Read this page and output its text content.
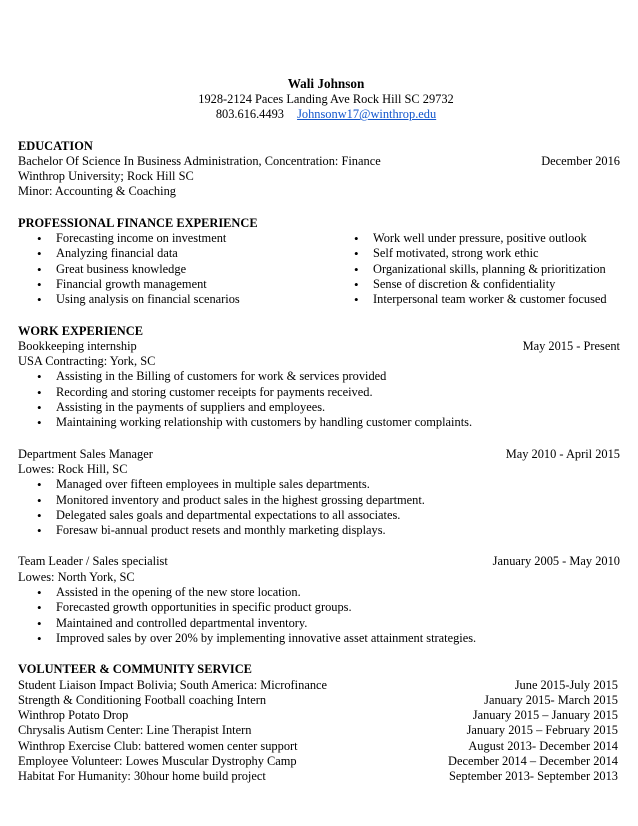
Wali Johnson
1928-2124 Paces Landing Ave Rock Hill SC 29732
803.616.4493 Johnsonw17@winthrop.edu
EDUCATION
Bachelor Of Science In Business Administration, Concentration: Finance	December 2016
Winthrop University; Rock Hill SC
Minor: Accounting & Coaching
PROFESSIONAL FINANCE EXPERIENCE
• Forecasting income on investment
• Analyzing financial data
• Great business knowledge
• Financial growth management
• Using analysis on financial scenarios
• Work well under pressure, positive outlook
• Self motivated, strong work ethic
• Organizational skills, planning & prioritization
• Sense of discretion & confidentiality
• Interpersonal team worker & customer focused
WORK EXPERIENCE
Bookkeeping internship	May 2015 - Present
USA Contracting: York, SC
• Assisting in the Billing of customers for work & services provided
• Recording and storing customer receipts for payments received.
• Assisting in the payments of suppliers and employees.
• Maintaining working relationship with customers by handling customer complaints.
Department Sales Manager	May 2010 - April 2015
Lowes: Rock Hill, SC
• Managed over fifteen employees in multiple sales departments.
• Monitored inventory and product sales in the highest grossing department.
• Delegated sales goals and departmental expectations to all associates.
• Foresaw bi-annual product resets and monthly marketing displays.
Team Leader / Sales specialist	January 2005 - May 2010
Lowes: North York, SC
• Assisted in the opening of the new store location.
• Forecasted growth opportunities in specific product groups.
• Maintained and controlled departmental inventory.
• Improved sales by over 20% by implementing innovative asset attainment strategies.
VOLUNTEER & COMMUNITY SERVICE
Student Liaison Impact Bolivia; South America: Microfinance	June 2015-July 2015
Strength & Conditioning Football coaching Intern	January 2015- March 2015
Winthrop Potato Drop	January 2015 – January 2015
Chrysalis Autism Center: Line Therapist Intern	January 2015 – February 2015
Winthrop Exercise Club: battered women center support	August 2013- December 2014
Employee Volunteer: Lowes Muscular Dystrophy Camp	December 2014 – December 2014
Habitat For Humanity: 30hour home build project	September 2013- September 2013
